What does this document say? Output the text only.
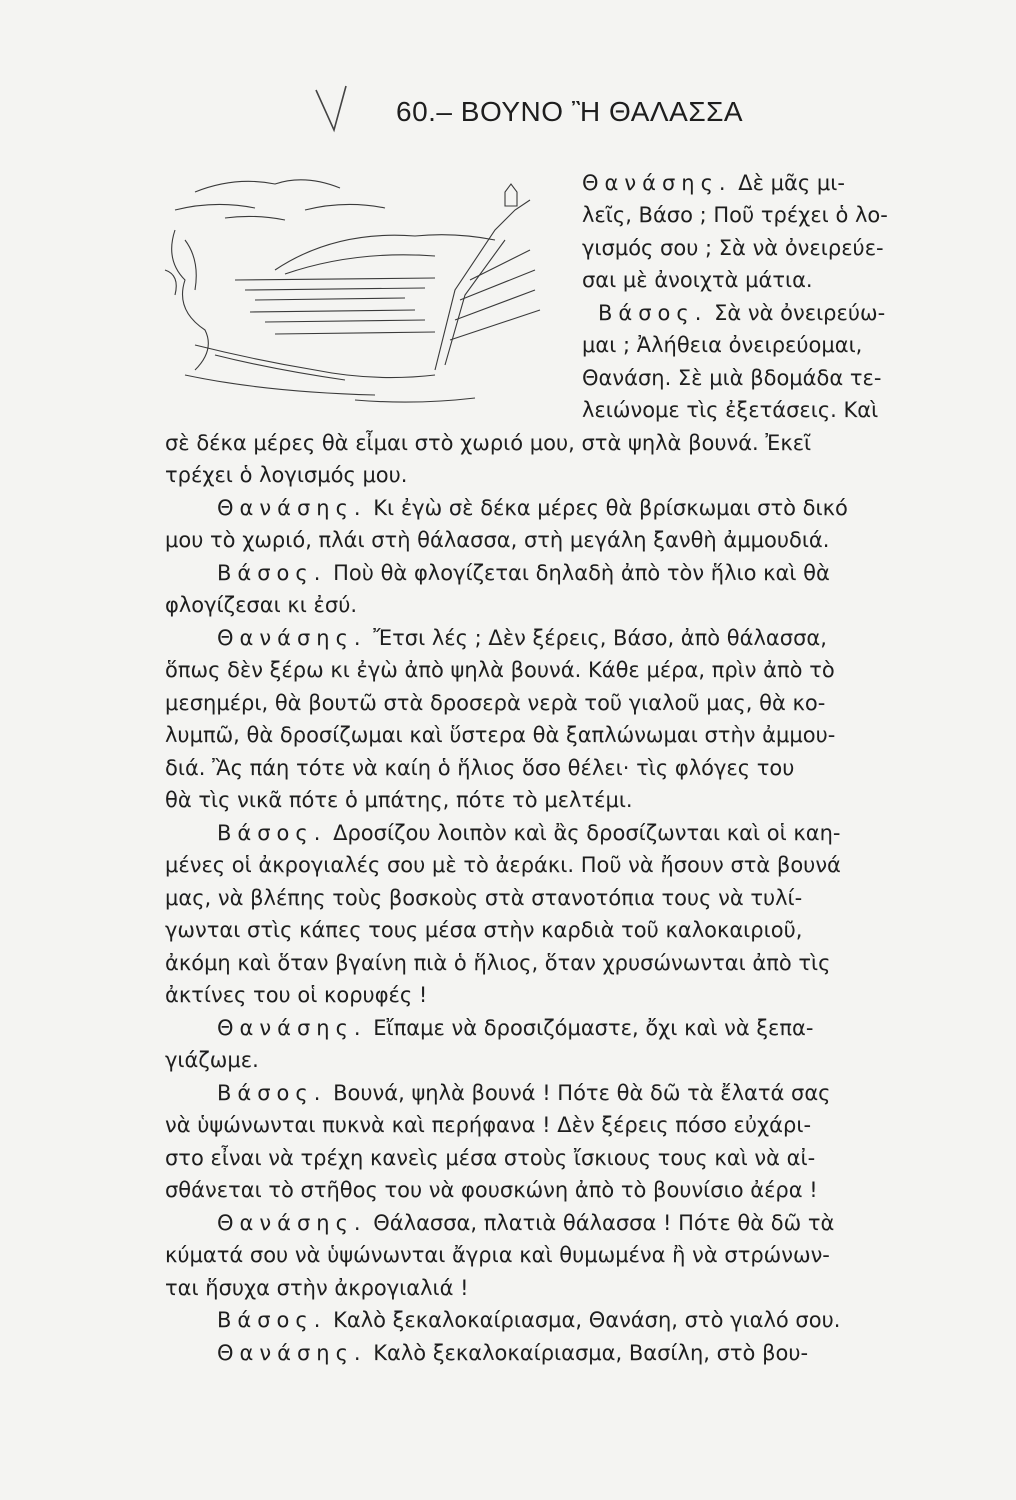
60.– ΒΟΥΝΟ Ἢ ΘΑΛΑΣΣΑ
Θανάσης. Δὲ μᾶς μι-
λεῖς, Βάσο ; Ποῦ τρέχει ὁ λο-
γισμός σου ; Σὰ νὰ ὀνειρεύε-
σαι μὲ ἀνοιχτὰ μάτια.
Βάσος. Σὰ νὰ ὀνειρεύω-
μαι ; Ἀλήθεια ὀνειρεύομαι,
Θανάση. Σὲ μιὰ βδομάδα τε-
λειώνομε τὶς ἐξετάσεις. Καὶ
σὲ δέκα μέρες θὰ εἶμαι στὸ χωριό μου, στὰ ψηλὰ βουνά. Ἐκεῖ
τρέχει ὁ λογισμός μου.
Θανάσης. Κι ἐγὼ σὲ δέκα μέρες θὰ βρίσκωμαι στὸ δικό
μου τὸ χωριό, πλάι στὴ θάλασσα, στὴ μεγάλη ξανθὴ ἀμμουδιά.
Βάσος. Ποὺ θὰ φλογίζεται δηλαδὴ ἀπὸ τὸν ἥλιο καὶ θὰ
φλογίζεσαι κι ἐσύ.
Θανάσης. Ἔτσι λές ; Δὲν ξέρεις, Βάσο, ἀπὸ θάλασσα,
ὅπως δὲν ξέρω κι ἐγὼ ἀπὸ ψηλὰ βουνά. Κάθε μέρα, πρὶν ἀπὸ τὸ
μεσημέρι, θὰ βουτῶ στὰ δροσερὰ νερὰ τοῦ γιαλοῦ μας, θὰ κο-
λυμπῶ, θὰ δροσίζωμαι καὶ ὕστερα θὰ ξαπλώνωμαι στὴν ἀμμου-
διά. Ἂς πάη τότε νὰ καίη ὁ ἥλιος ὅσο θέλει· τὶς φλόγες του
θὰ τὶς νικᾶ πότε ὁ μπάτης, πότε τὸ μελτέμι.
Βάσος. Δροσίζου λοιπὸν καὶ ἂς δροσίζωνται καὶ οἱ καη-
μένες οἱ ἀκρογιαλές σου μὲ τὸ ἀεράκι. Ποῦ νὰ ἤσουν στὰ βουνά
μας, νὰ βλέπης τοὺς βοσκοὺς στὰ στανοτόπια τους νὰ τυλί-
γωνται στὶς κάπες τους μέσα στὴν καρδιὰ τοῦ καλοκαιριοῦ,
ἀκόμη καὶ ὅταν βγαίνη πιὰ ὁ ἥλιος, ὅταν χρυσώνωνται ἀπὸ τὶς
ἀκτίνες του οἱ κορυφές !
Θανάσης. Εἴπαμε νὰ δροσιζόμαστε, ὄχι καὶ νὰ ξεπα-
γιάζωμε.
Βάσος. Βουνά, ψηλὰ βουνά ! Πότε θὰ δῶ τὰ ἔλατά σας
νὰ ὑψώνωνται πυκνὰ καὶ περήφανα ! Δὲν ξέρεις πόσο εὐχάρι-
στο εἶναι νὰ τρέχη κανεὶς μέσα στοὺς ἴσκιους τους καὶ νὰ αἰ-
σθάνεται τὸ στῆθος του νὰ φουσκώνη ἀπὸ τὸ βουνίσιο ἀέρα !
Θανάσης. Θάλασσα, πλατιὰ θάλασσα ! Πότε θὰ δῶ τὰ
κύματά σου νὰ ὑψώνωνται ἄγρια καὶ θυμωμένα ἢ νὰ στρώνων-
ται ἥσυχα στὴν ἀκρογιαλιά !
Βάσος. Καλὸ ξεκαλοκαίριασμα, Θανάση, στὸ γιαλό σου.
Θανάσης. Καλὸ ξεκαλοκαίριασμα, Βασίλη, στὸ βου-
